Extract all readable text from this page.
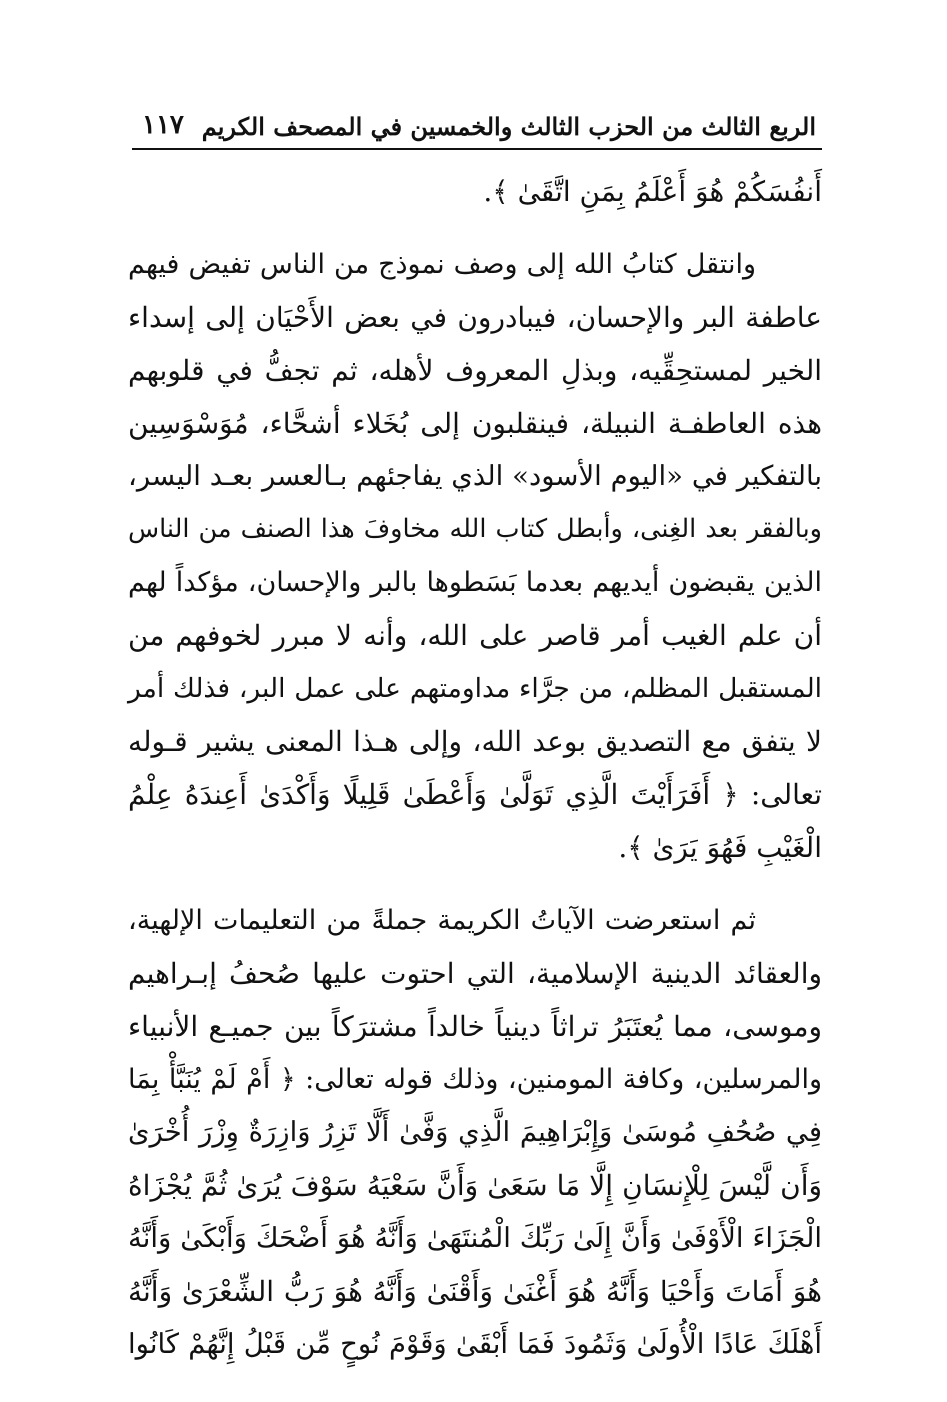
الربع الثالث من الحزب الثالث والخمسين في المصحف الكريم
١١٧

أَنفُسَكُمْ هُوَ أَعْلَمُ بِمَنِ اتَّقَىٰ ﴾.

وانتقل كتابُ الله إلى وصف نموذج من الناس تفيض فيهم
عاطفة البر والإحسان، فيبادرون في بعض الأَحْيَان إلى إسداء
الخير لمستحِقِّيه، وبذلِ المعروف لأهله، ثم تجفُّ في قلوبهم
هذه العاطفـة النبيلة، فينقلبون إلى بُخَلاء أشحَّاء، مُوَسْوَسِين
بالتفكير في «اليوم الأسود» الذي يفاجئهم بـالعسر بعـد اليسر،
وبالفقر بعد الغِنى، وأبطل كتاب الله مخاوفَ هذا الصنف من الناس
الذين يقبضون أيديهم بعدما بَسَطوها بالبر والإحسان، مؤكداً لهم
أن علم الغيب أمر قاصر على الله، وأنه لا مبرر لخوفهم من
المستقبل المظلم، من جرَّاء مداومتهم على عمل البر، فذلك أمر
لا يتفق مع التصديق بوعد الله، وإلى هـذا المعنى يشير قـوله
تعالى: ﴿ أَفَرَأَيْتَ الَّذِي تَوَلَّىٰ وَأَعْطَىٰ قَلِيلًا وَأَكْدَىٰ أَعِندَهُ عِلْمُ
الْغَيْبِ فَهُوَ يَرَىٰ ﴾.

ثم استعرضت الآياتُ الكريمة جملةً من التعليمات الإلهية،
والعقائد الدينية الإسلامية، التي احتوت عليها صُحفُ إبـراهيم
وموسى، مما يُعتَبَرُ تراثاً دينياً خالداً مشترَكاً بين جميـع الأنبياء
والمرسلين، وكافة المومنين، وذلك قوله تعالى: ﴿ أَمْ لَمْ يُنَبَّأْ بِمَا
فِي صُحُفِ مُوسَىٰ وَإِبْرَاهِيمَ الَّذِي وَفَّىٰ أَلَّا تَزِرُ وَازِرَةٌ وِزْرَ أُخْرَىٰ
وَأَن لَّيْسَ لِلْإِنسَانِ إِلَّا مَا سَعَىٰ وَأَنَّ سَعْيَهُ سَوْفَ يُرَىٰ ثُمَّ يُجْزَاهُ
الْجَزَاءَ الْأَوْفَىٰ وَأَنَّ إِلَىٰ رَبِّكَ الْمُنتَهَىٰ وَأَنَّهُ هُوَ أَضْحَكَ وَأَبْكَىٰ وَأَنَّهُ
هُوَ أَمَاتَ وَأَحْيَا وَأَنَّهُ هُوَ أَغْنَىٰ وَأَقْنَىٰ وَأَنَّهُ هُوَ رَبُّ الشِّعْرَىٰ وَأَنَّهُ
أَهْلَكَ عَادًا الْأُولَىٰ وَثَمُودَ فَمَا أَبْقَىٰ وَقَوْمَ نُوحٍ مِّن قَبْلُ إِنَّهُمْ كَانُوا
